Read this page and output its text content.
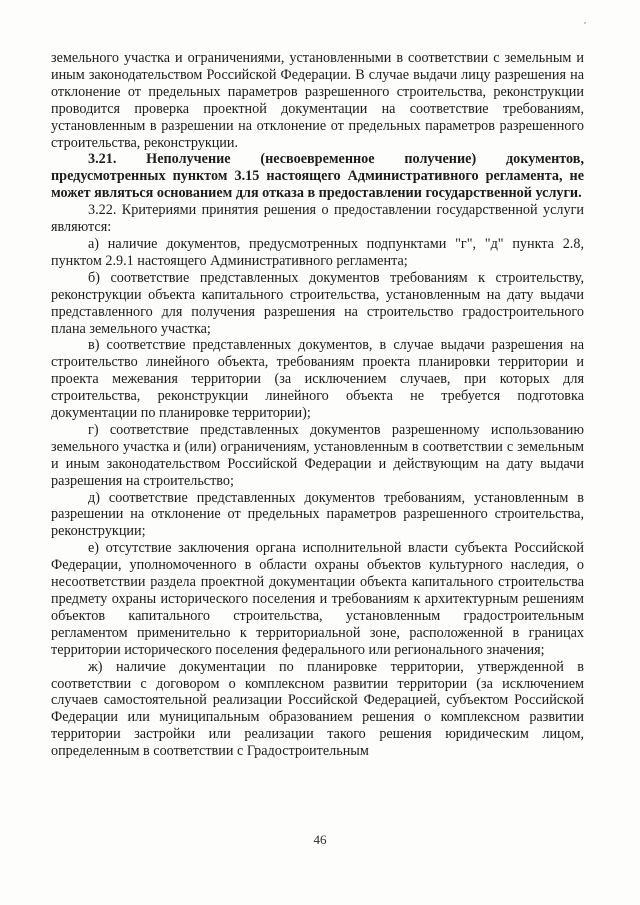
земельного участка и ограничениями, установленными в соответствии с земельным и иным законодательством Российской Федерации. В случае выдачи лицу разрешения на отклонение от предельных параметров разрешенного строительства, реконструкции проводится проверка проектной документации на соответствие требованиям, установленным в разрешении на отклонение от предельных параметров разрешенного строительства, реконструкции.

3.21. Неполучение (несвоевременное получение) документов, предусмотренных пунктом 3.15 настоящего Административного регламента, не может являться основанием для отказа в предоставлении государственной услуги.

3.22. Критериями принятия решения о предоставлении государственной услуги являются:

а) наличие документов, предусмотренных подпунктами "г", "д" пункта 2.8, пунктом 2.9.1 настоящего Административного регламента;

б) соответствие представленных документов требованиям к строительству, реконструкции объекта капитального строительства, установленным на дату выдачи представленного для получения разрешения на строительство градостроительного плана земельного участка;

в) соответствие представленных документов, в случае выдачи разрешения на строительство линейного объекта, требованиям проекта планировки территории и проекта межевания территории (за исключением случаев, при которых для строительства, реконструкции линейного объекта не требуется подготовка документации по планировке территории);

г) соответствие представленных документов разрешенному использованию земельного участка и (или) ограничениям, установленным в соответствии с земельным и иным законодательством Российской Федерации и действующим на дату выдачи разрешения на строительство;

д) соответствие представленных документов требованиям, установленным в разрешении на отклонение от предельных параметров разрешенного строительства, реконструкции;

е) отсутствие заключения органа исполнительной власти субъекта Российской Федерации, уполномоченного в области охраны объектов культурного наследия, о несоответствии раздела проектной документации объекта капитального строительства предмету охраны исторического поселения и требованиям к архитектурным решениям объектов капитального строительства, установленным градостроительным регламентом применительно к территориальной зоне, расположенной в границах территории исторического поселения федерального или регионального значения;

ж) наличие документации по планировке территории, утвержденной в соответствии с договором о комплексном развитии территории (за исключением случаев самостоятельной реализации Российской Федерацией, субъектом Российской Федерации или муниципальным образованием решения о комплексном развитии территории застройки или реализации такого решения юридическим лицом, определенным в соответствии с Градостроительным

46
